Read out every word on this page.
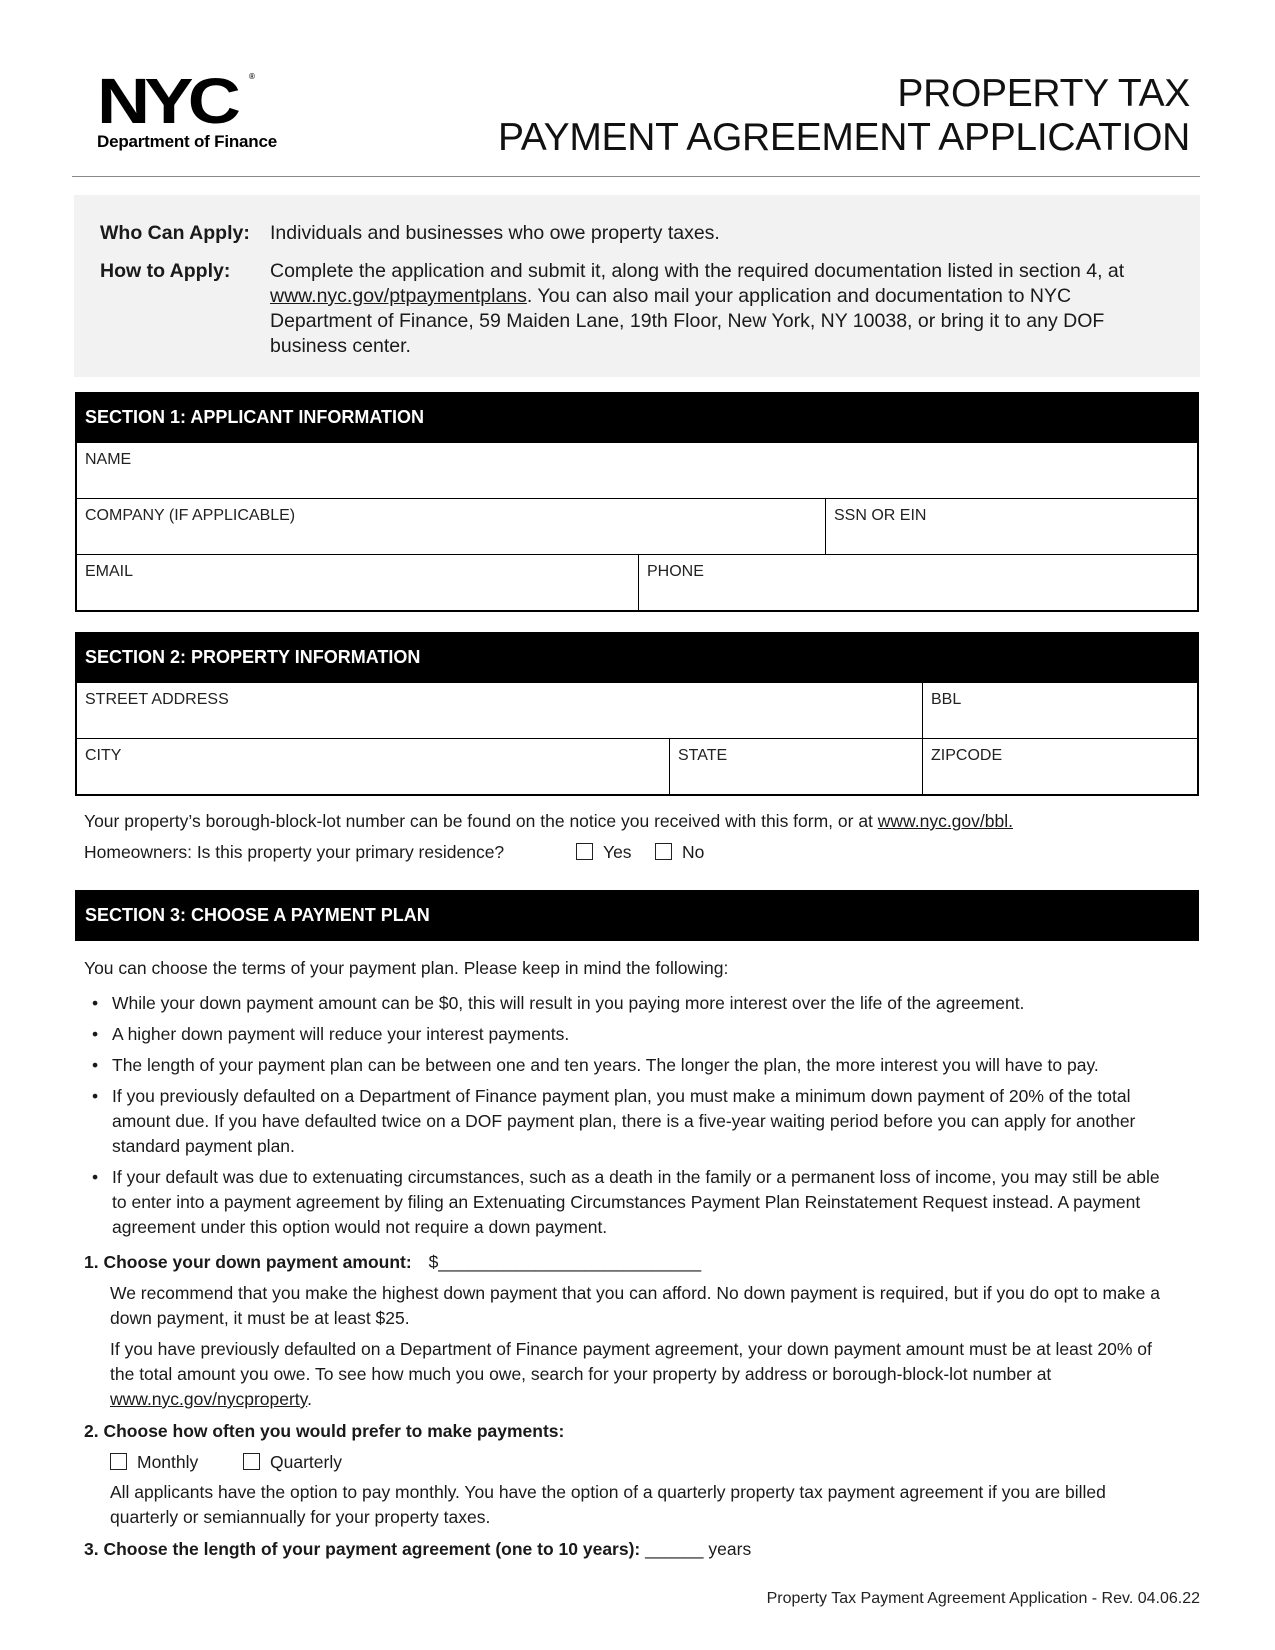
NYC	®
Department of Finance
PROPERTY TAX
PAYMENT AGREEMENT APPLICATION
Who Can Apply: Individuals and businesses who owe property taxes.
How to Apply: Complete the application and submit it, along with the required documentation listed in section 4, at www.nyc.gov/ptpaymentplans. You can also mail your application and documentation to NYC Department of Finance, 59 Maiden Lane, 19th Floor, New York, NY 10038, or bring it to any DOF business center.
SECTION 1: APPLICANT INFORMATION
NAME
COMPANY (IF APPLICABLE)	SSN OR EIN
EMAIL	PHONE
SECTION 2: PROPERTY INFORMATION
STREET ADDRESS	BBL
CITY	STATE	ZIPCODE
Your property’s borough-block-lot number can be found on the notice you received with this form, or at www.nyc.gov/bbl.
Homeowners: Is this property your primary residence?	Yes	No
SECTION 3: CHOOSE A PAYMENT PLAN
You can choose the terms of your payment plan. Please keep in mind the following:
• While your down payment amount can be $0, this will result in you paying more interest over the life of the agreement.
• A higher down payment will reduce your interest payments.
• The length of your payment plan can be between one and ten years. The longer the plan, the more interest you will have to pay.
• If you previously defaulted on a Department of Finance payment plan, you must make a minimum down payment of 20% of the total amount due. If you have defaulted twice on a DOF payment plan, there is a five-year waiting period before you can apply for another standard payment plan.
• If your default was due to extenuating circumstances, such as a death in the family or a permanent loss of income, you may still be able to enter into a payment agreement by filing an Extenuating Circumstances Payment Plan Reinstatement Request instead. A payment agreement under this option would not require a down payment.
1. Choose your down payment amount: $___________________________
We recommend that you make the highest down payment that you can afford. No down payment is required, but if you do opt to make a down payment, it must be at least $25.
If you have previously defaulted on a Department of Finance payment agreement, your down payment amount must be at least 20% of the total amount you owe. To see how much you owe, search for your property by address or borough-block-lot number at www.nyc.gov/nycproperty.
2. Choose how often you would prefer to make payments:
Monthly	Quarterly
All applicants have the option to pay monthly. You have the option of a quarterly property tax payment agreement if you are billed quarterly or semiannually for your property taxes.
3. Choose the length of your payment agreement (one to 10 years): ______ years
Property Tax Payment Agreement Application - Rev. 04.06.22
